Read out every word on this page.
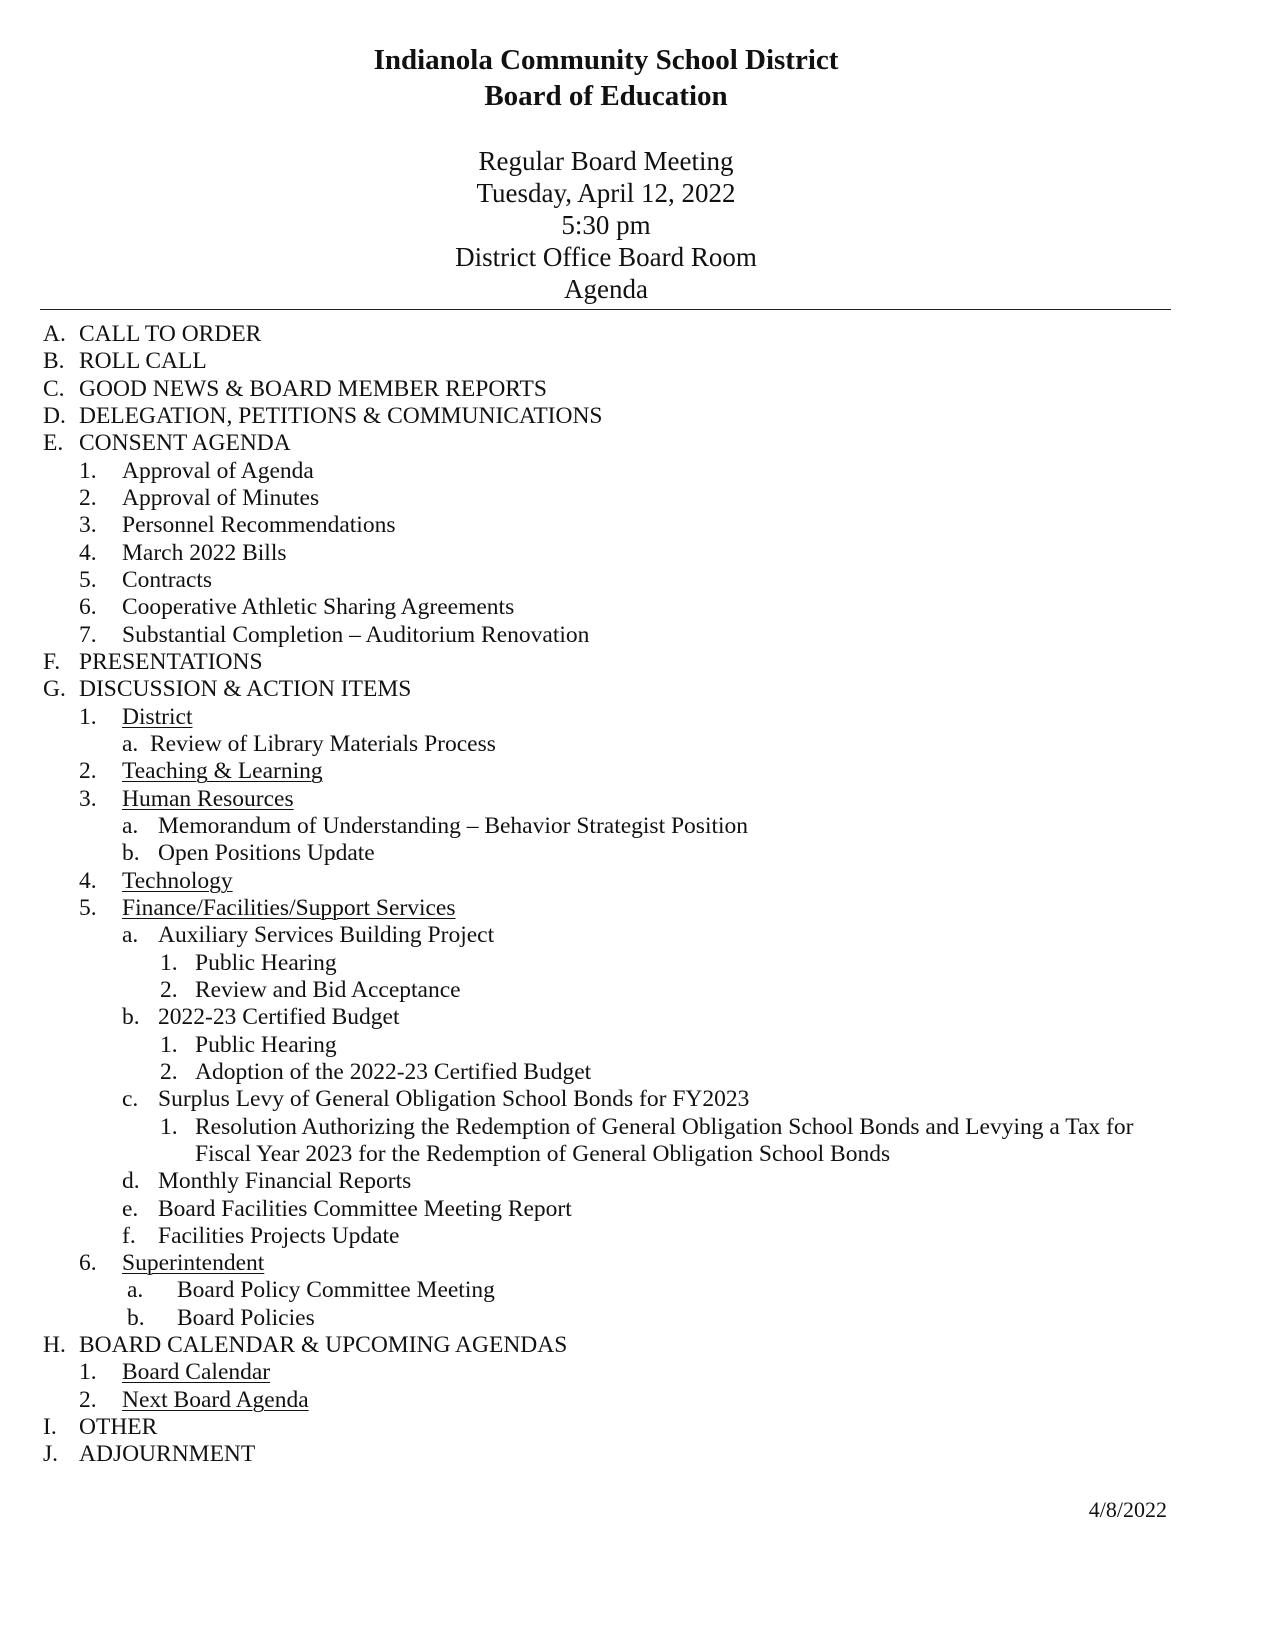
Indianola Community School District
Board of Education
Regular Board Meeting
Tuesday, April 12, 2022
5:30 pm
District Office Board Room
Agenda
A. CALL TO ORDER
B. ROLL CALL
C. GOOD NEWS & BOARD MEMBER REPORTS
D. DELEGATION, PETITIONS & COMMUNICATIONS
E. CONSENT AGENDA
1. Approval of Agenda
2. Approval of Minutes
3. Personnel Recommendations
4. March 2022 Bills
5. Contracts
6. Cooperative Athletic Sharing Agreements
7. Substantial Completion – Auditorium Renovation
F. PRESENTATIONS
G. DISCUSSION & ACTION ITEMS
1. District
a. Review of Library Materials Process
2. Teaching & Learning
3. Human Resources
a. Memorandum of Understanding – Behavior Strategist Position
b. Open Positions Update
4. Technology
5. Finance/Facilities/Support Services
a. Auxiliary Services Building Project
1. Public Hearing
2. Review and Bid Acceptance
b. 2022-23 Certified Budget
1. Public Hearing
2. Adoption of the 2022-23 Certified Budget
c. Surplus Levy of General Obligation School Bonds for FY2023
1. Resolution Authorizing the Redemption of General Obligation School Bonds and Levying a Tax for
Fiscal Year 2023 for the Redemption of General Obligation School Bonds
d. Monthly Financial Reports
e. Board Facilities Committee Meeting Report
f. Facilities Projects Update
6. Superintendent
a. Board Policy Committee Meeting
b. Board Policies
H. BOARD CALENDAR & UPCOMING AGENDAS
1. Board Calendar
2. Next Board Agenda
I. OTHER
J. ADJOURNMENT
4/8/2022
